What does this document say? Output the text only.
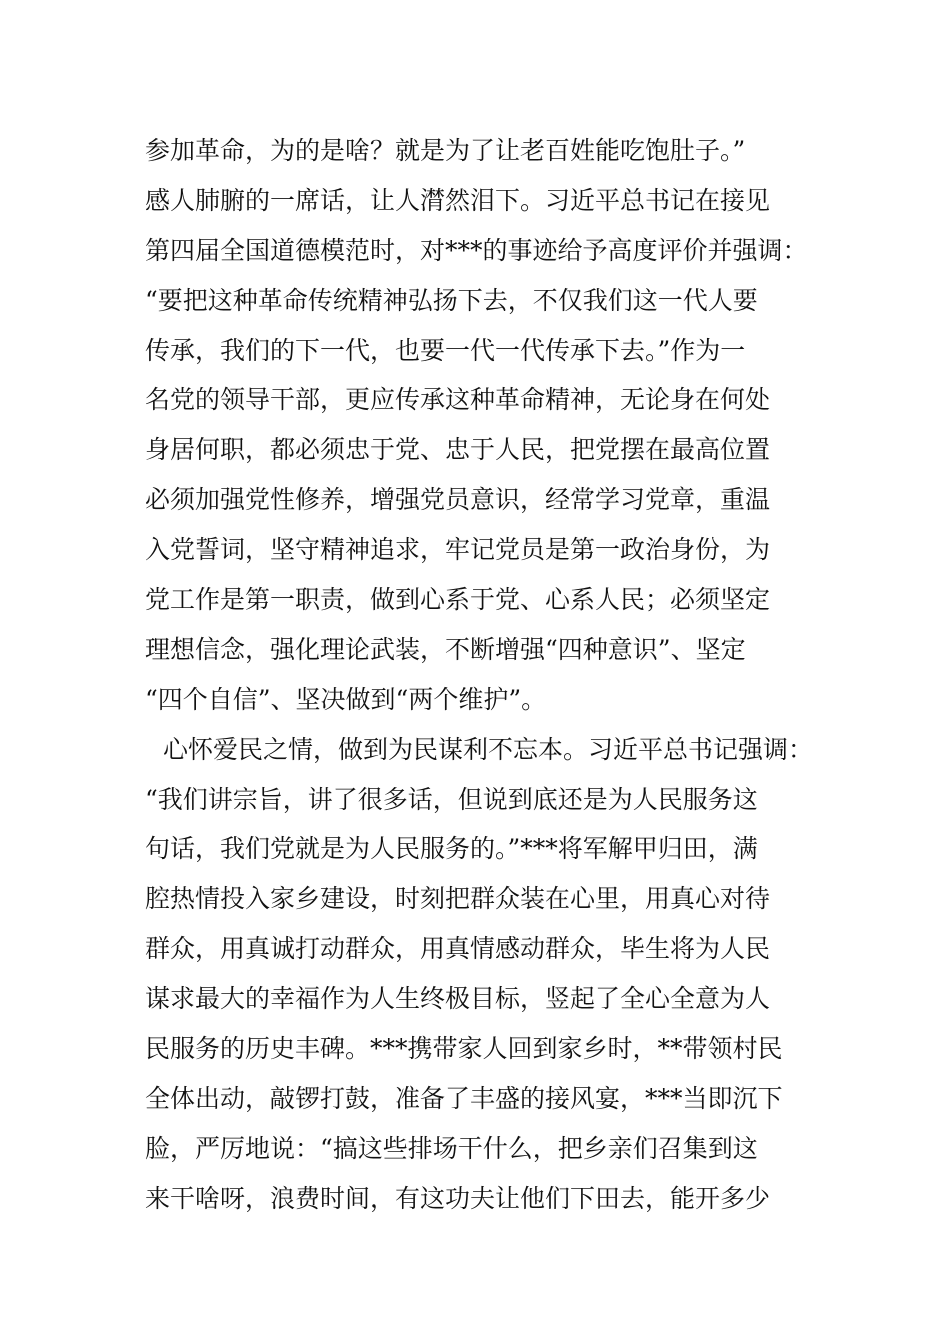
参加革命，为的是啥？就是为了让老百姓能吃饱肚子。”
感人肺腑的一席话，让人潸然泪下。习近平总书记在接见
第四届全国道德模范时，对***的事迹给予高度评价并强调：
“要把这种革命传统精神弘扬下去，不仅我们这一代人要
传承，我们的下一代，也要一代一代传承下去。”作为一
名党的领导干部，更应传承这种革命精神，无论身在何处
身居何职，都必须忠于党、忠于人民，把党摆在最高位置
必须加强党性修养，增强党员意识，经常学习党章，重温
入党誓词，坚守精神追求，牢记党员是第一政治身份，为
党工作是第一职责，做到心系于党、心系人民；必须坚定
理想信念，强化理论武装，不断增强“四种意识”、坚定
“四个自信”、坚决做到“两个维护”。
心怀爱民之情，做到为民谋利不忘本。习近平总书记强调：
“我们讲宗旨，讲了很多话，但说到底还是为人民服务这
句话，我们党就是为人民服务的。”***将军解甲归田，满
腔热情投入家乡建设，时刻把群众装在心里，用真心对待
群众，用真诚打动群众，用真情感动群众，毕生将为人民
谋求最大的幸福作为人生终极目标，竖起了全心全意为人
民服务的历史丰碑。***携带家人回到家乡时，**带领村民
全体出动，敲锣打鼓，准备了丰盛的接风宴，***当即沉下
脸，严厉地说：“搞这些排场干什么，把乡亲们召集到这
来干啥呀，浪费时间，有这功夫让他们下田去，能开多少
